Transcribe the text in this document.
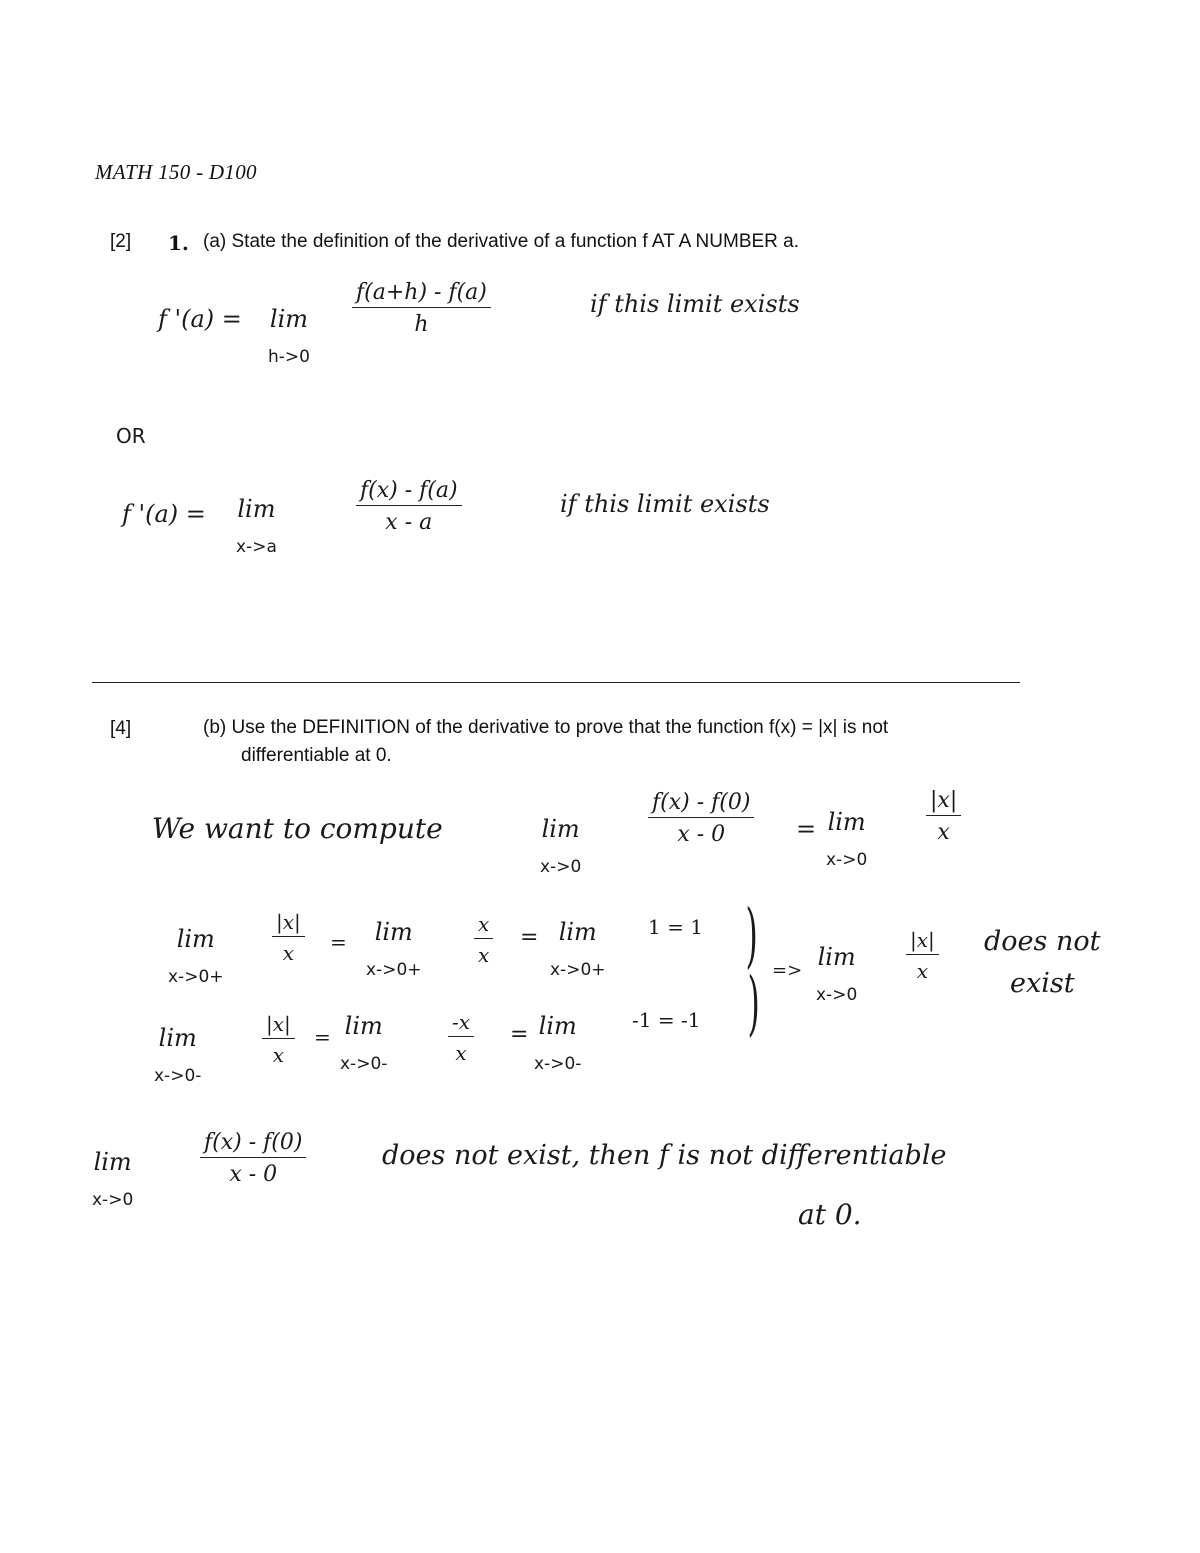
MATH 150 - D100
[2] 1. (a) State the definition of the derivative of a function f AT A NUMBER a.
f '(a) = lim
h->0
$\frac{f(a+h) - f(a)}{h}$	if this limit exists
OR
f '(a) = lim
x->a
$\frac{f(x) - f(a)}{x - a}$	if this limit exists
[4]	(b) Use the DEFINITION of the derivative to prove that the function f(x) = |x| is not
differentiable at 0.
We want to compute	lim
x->0
$\frac{f(x) - f(0)}{x - 0} = \lim$
x->0
$\frac{|x|}{x}$
lim
x->0+
$\frac{|x|}{x} = \lim$
x->0+
$\frac{x}{x} = \lim$
x->0+
1 = 1
lim
x->0-
$\frac{|x|}{x} = \lim$
x->0-	$\frac{-x}{x} = \lim$
x->0-
-1 = -1
)
) => lim
x->0
$\frac{|x|}{x}$ does not
exist
lim
x->0
$\frac{f(x) - f(0)}{x - 0}$	does not exist, then f is not differentiable
at 0.
